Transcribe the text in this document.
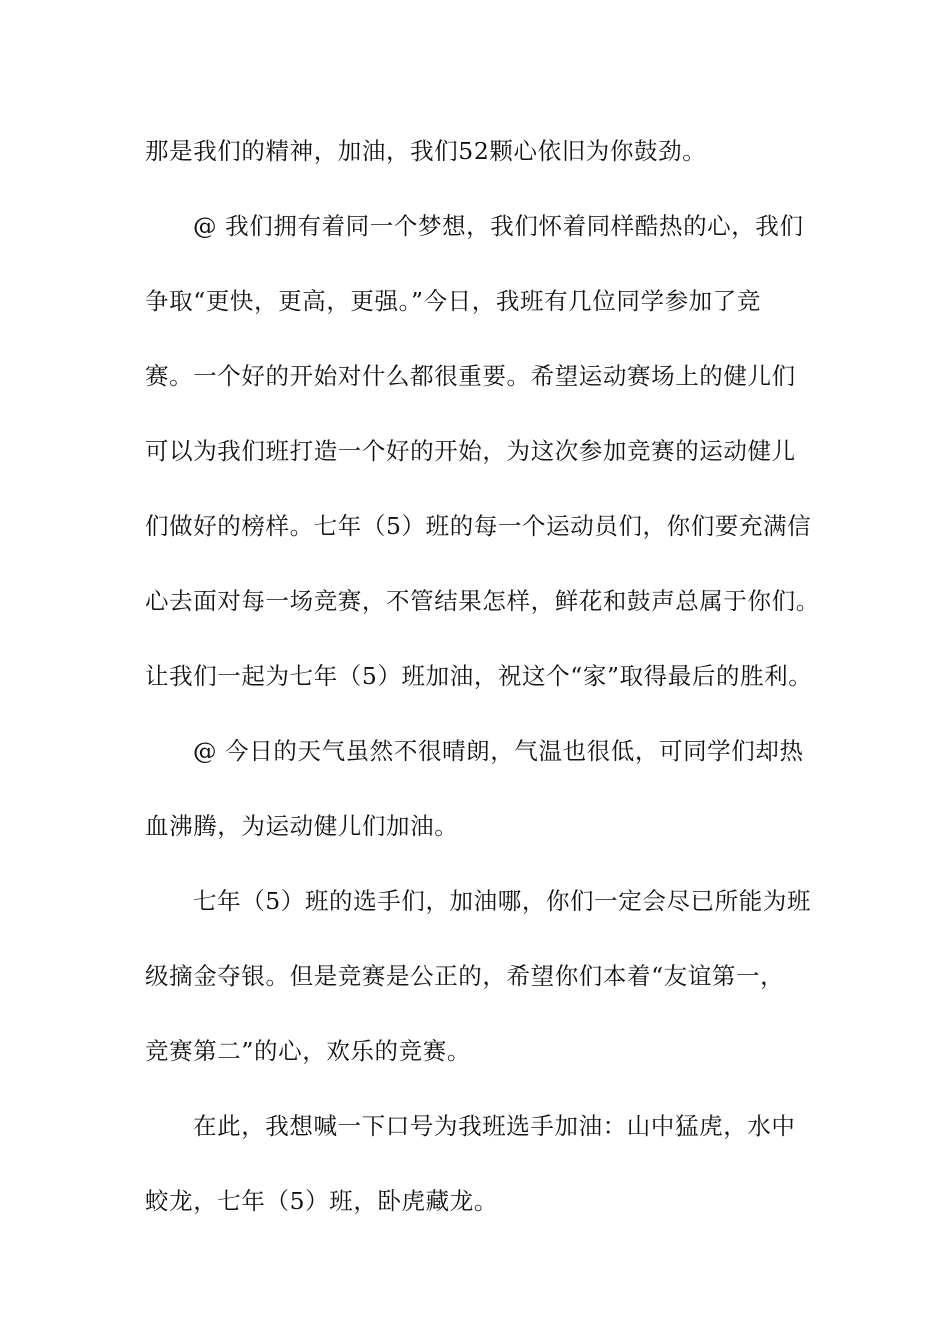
那是我们的精神，加油，我们52颗心依旧为你鼓劲。
@ 我们拥有着同一个梦想，我们怀着同样酷热的心，我们
争取“更快，更高，更强。”今日，我班有几位同学参加了竞
赛。一个好的开始对什么都很重要。希望运动赛场上的健儿们
可以为我们班打造一个好的开始，为这次参加竞赛的运动健儿
们做好的榜样。七年（5）班的每一个运动员们，你们要充满信
心去面对每一场竞赛，不管结果怎样，鲜花和鼓声总属于你们。
让我们一起为七年（5）班加油，祝这个“家”取得最后的胜利。
@ 今日的天气虽然不很晴朗，气温也很低，可同学们却热
血沸腾，为运动健儿们加油。
七年（5）班的选手们，加油哪，你们一定会尽已所能为班
级摘金夺银。但是竞赛是公正的，希望你们本着“友谊第一，
竞赛第二”的心，欢乐的竞赛。
在此，我想喊一下口号为我班选手加油：山中猛虎，水中
蛟龙，七年（5）班，卧虎藏龙。
